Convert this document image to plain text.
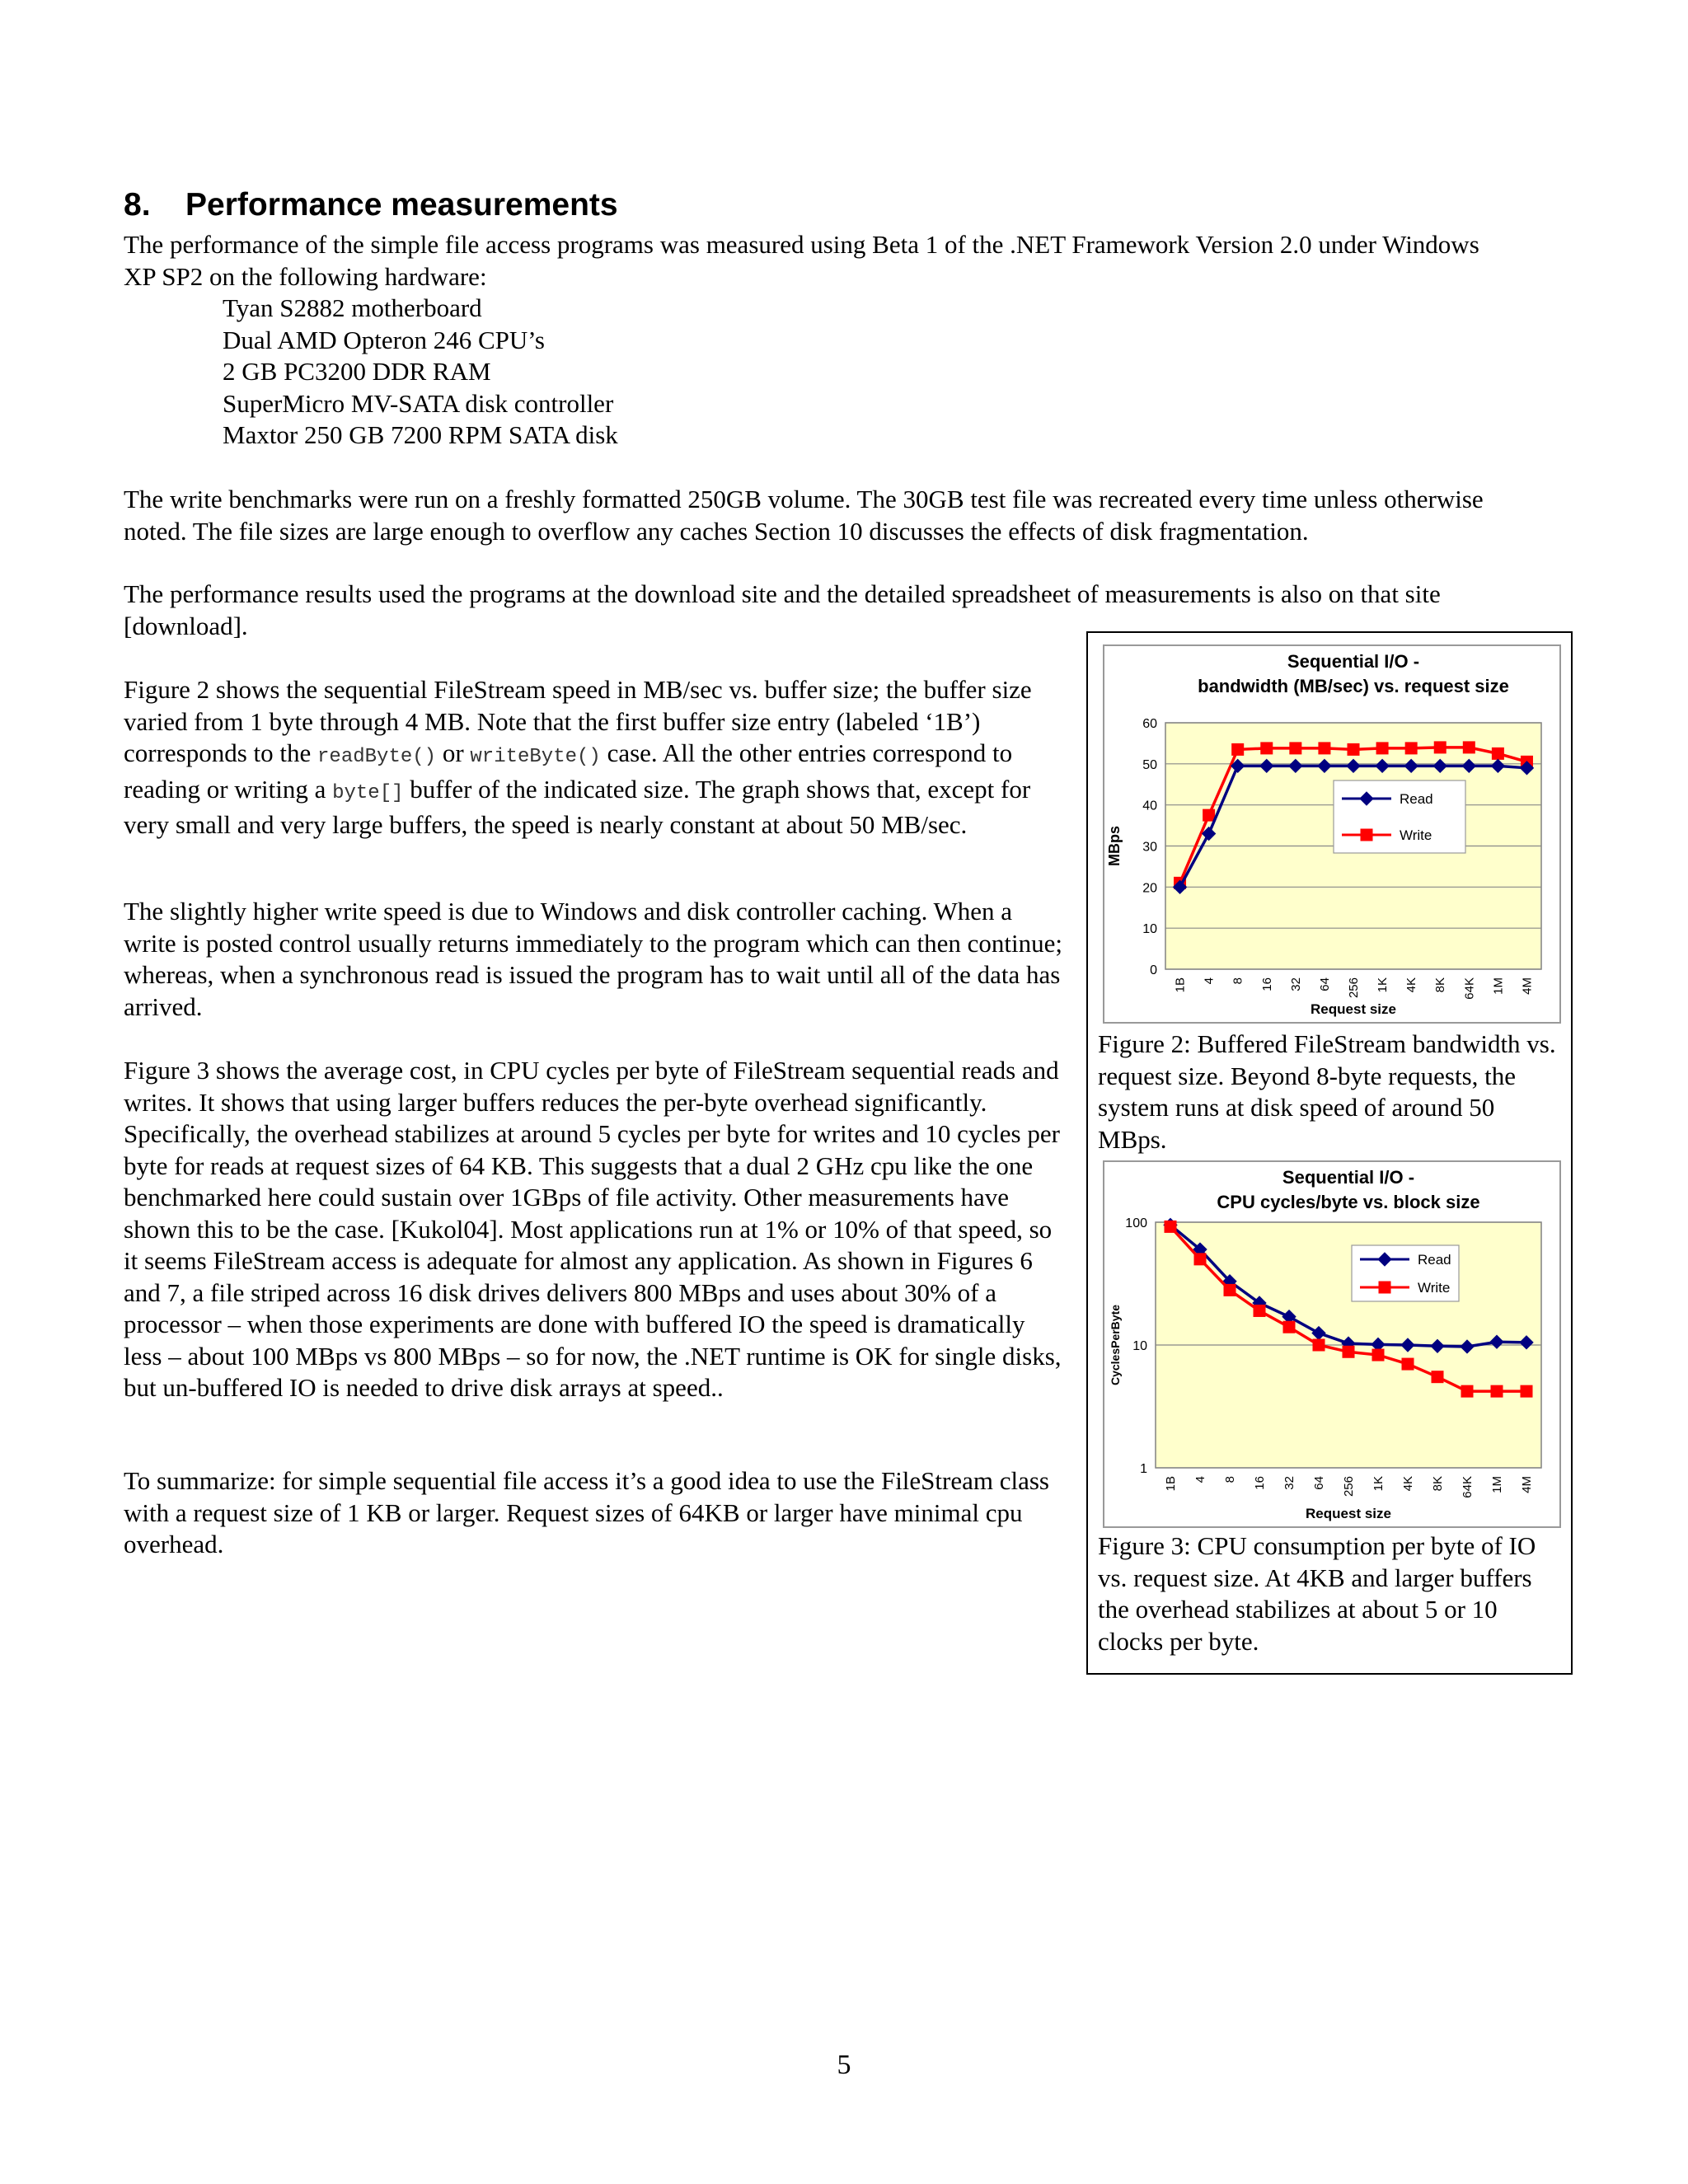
8. Performance measurements

The performance of the simple file access programs was measured using Beta 1 of the .NET Framework Version 2.0 under Windows XP SP2 on the following hardware:

Tyan S2882 motherboard
Dual AMD Opteron 246 CPU’s
2 GB PC3200 DDR RAM
SuperMicro MV-SATA disk controller
Maxtor 250 GB 7200 RPM SATA disk

The write benchmarks were run on a freshly formatted 250GB volume. The 30GB test file was recreated every time unless otherwise noted. The file sizes are large enough to overflow any caches Section 10 discusses the effects of disk fragmentation.

The performance results used the programs at the download site and the detailed spreadsheet of measurements is also on that site [download].

Figure 2 shows the sequential FileStream speed in MB/sec vs. buffer size; the buffer size varied from 1 byte through 4 MB. Note that the first buffer size entry (labeled ‘1B’) corresponds to the readByte() or writeByte() case. All the other entries correspond to reading or writing a byte[] buffer of the indicated size. The graph shows that, except for very small and very large buffers, the speed is nearly constant at about 50 MB/sec.

The slightly higher write speed is due to Windows and disk controller caching. When a write is posted control usually returns immediately to the program which can then continue; whereas, when a synchronous read is issued the program has to wait until all of the data has arrived.

Figure 3 shows the average cost, in CPU cycles per byte of FileStream sequential reads and writes. It shows that using larger buffers reduces the per-byte overhead significantly. Specifically, the overhead stabilizes at around 5 cycles per byte for writes and 10 cycles per byte for reads at request sizes of 64 KB. This suggests that a dual 2 GHz cpu like the one benchmarked here could sustain over 1GBps of file activity. Other measurements have shown this to be the case. [Kukol04]. Most applications run at 1% or 10% of that speed, so it seems FileStream access is adequate for almost any application. As shown in Figures 6 and 7, a file striped across 16 disk drives delivers 800 MBps and uses about 30% of a processor – when those experiments are done with buffered IO the speed is dramatically less – about 100 MBps vs 800 MBps – so for now, the .NET runtime is OK for single disks, but un-buffered IO is needed to drive disk arrays at speed..

To summarize: for simple sequential file access it’s a good idea to use the FileStream class with a request size of 1 KB or larger. Request sizes of 64KB or larger have minimal cpu overhead.

Sequential I/O -
bandwidth (MB/sec) vs. request size
0
10
20
30
40
50
60
1B 4 8 16 32 64 256 1K 4K 8K 64K 1M 4M
MBps
Request size
Read
Write

Figure 2: Buffered FileStream bandwidth vs. request size. Beyond 8-byte requests, the system runs at disk speed of around 50 MBps.

Sequential I/O -
CPU cycles/byte vs. block size
1
10
100
1B 4 8 16 32 64 256 1K 4K 8K 64K 1M 4M
CyclesPerByte
Request size
Read
Write

Figure 3: CPU consumption per byte of IO vs. request size. At 4KB and larger buffers the overhead stabilizes at about 5 or 10 clocks per byte.

5
